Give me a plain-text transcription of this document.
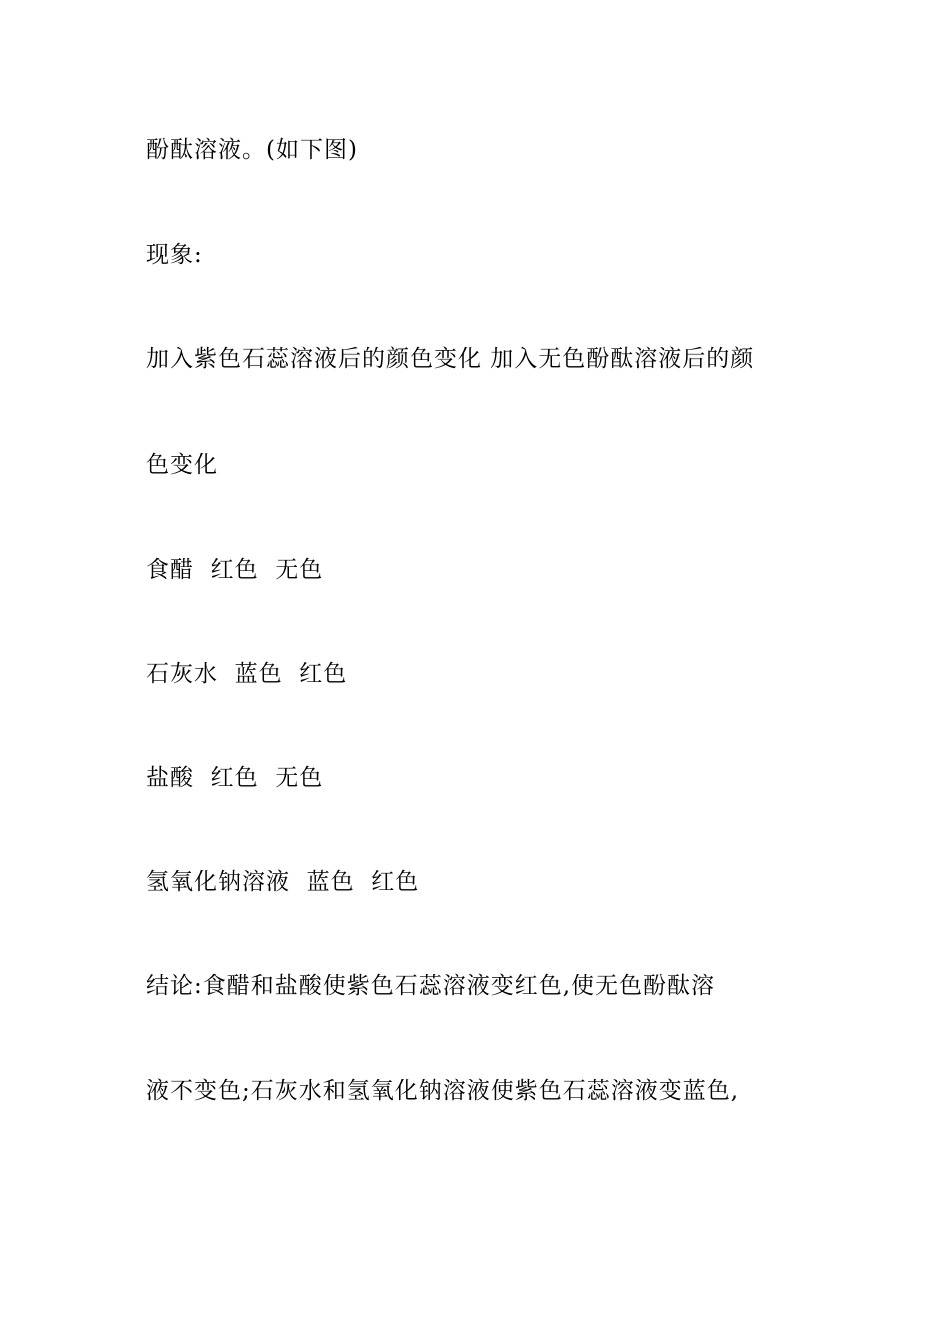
酚酞溶液。(如下图)
现象:
加入紫色石蕊溶液后的颜色变化 加入无色酚酞溶液后的颜
色变化
食醋  红色  无色
石灰水  蓝色  红色
盐酸  红色  无色
氢氧化钠溶液  蓝色  红色
结论:食醋和盐酸使紫色石蕊溶液变红色,使无色酚酞溶
液不变色;石灰水和氢氧化钠溶液使紫色石蕊溶液变蓝色,
